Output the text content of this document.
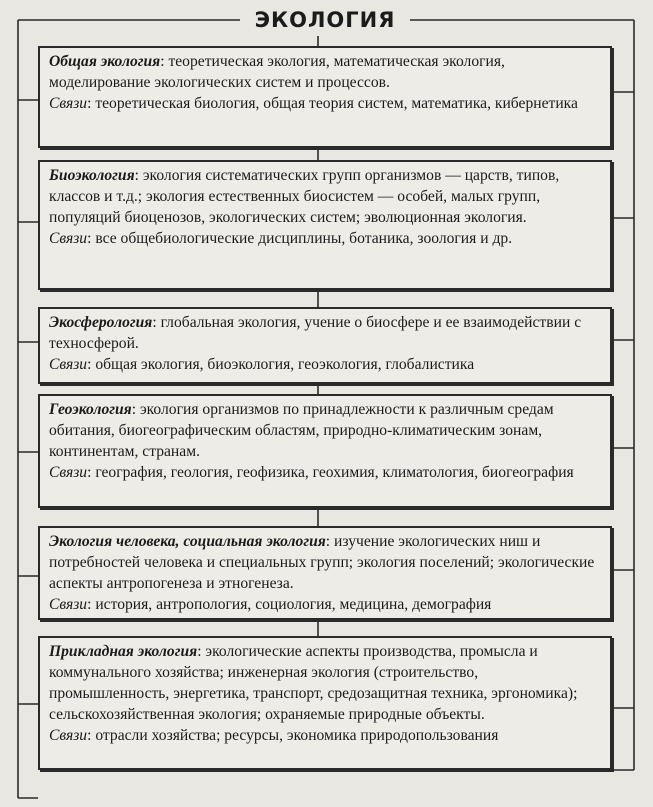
ЭКОЛОГИЯ

Общая экология: теоретическая экология, математическая экология, моделирование экологических систем и процессов.

Связи: теоретическая биология, общая теория систем, математика, кибернетика

Биоэкология: экология систематических групп организмов — царств, типов, классов и т.д.; экология естественных биосистем — особей, малых групп, популяций биоценозов, экологических систем; эволюционная экология.

Связи: все общебиологические дисциплины, ботаника, зоология и др.

Экосферология: глобальная экология, учение о биосфере и ее взаимодействии с техносферой.

Связи: общая экология, биоэкология, геоэкология, глобалистика

Геоэкология: экология организмов по принадлежности к различным средам обитания, биогеографическим областям, природно-климатическим зонам, континентам, странам.

Связи: география, геология, геофизика, геохимия, климатология, биогеография

Экология человека, социальная экология: изучение экологических ниш и потребностей человека и специальных групп; экология поселений; экологические аспекты антропогенеза и этногенеза.

Связи: история, антропология, социология, медицина, демография

Прикладная экология: экологические аспекты производства, промысла и коммунального хозяйства; инженерная экология (строительство, промышленность, энергетика, транспорт, средозащитная техника, эргономика); сельскохозяйственная экология; охраняемые природные объекты.

Связи: отрасли хозяйства; ресурсы, экономика природопользования
